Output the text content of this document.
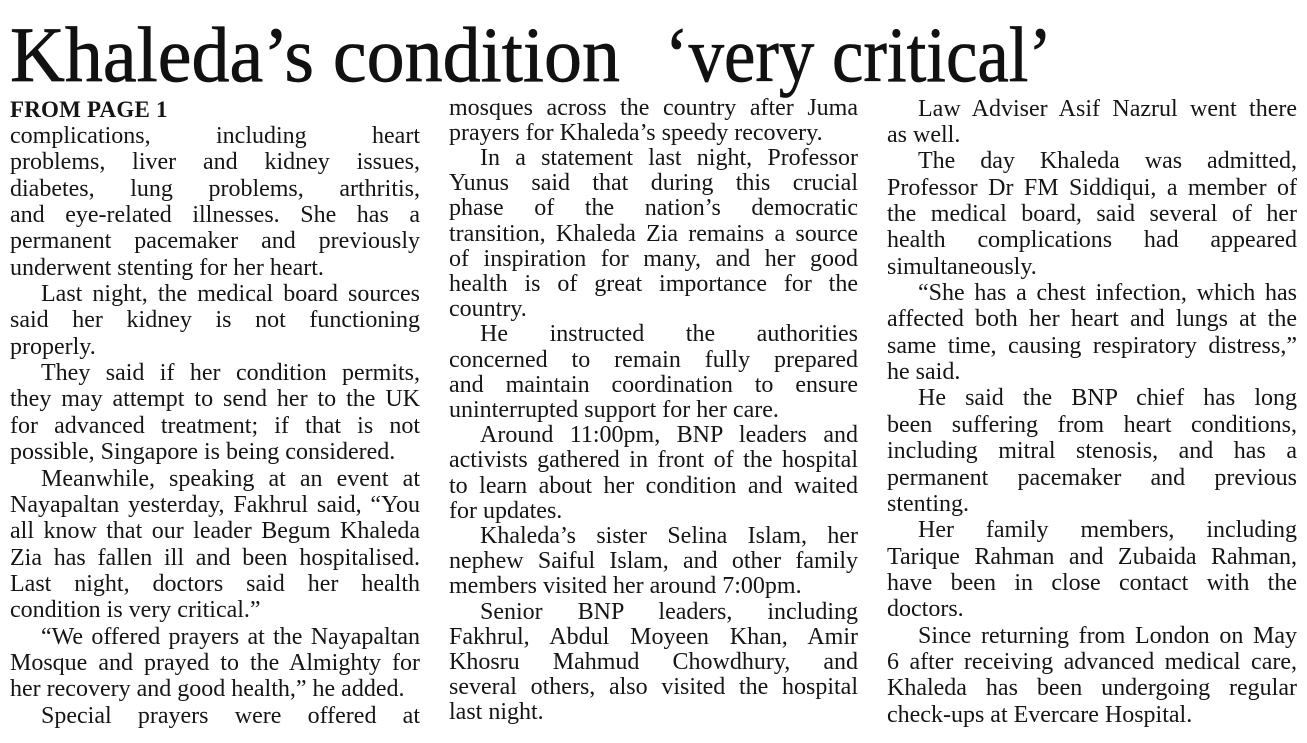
Khaleda’s condition ‘very critical’
FROM PAGE 1
complications, including heart
problems, liver and kidney issues,
diabetes, lung problems, arthritis,
and eye-related illnesses. She has a
permanent pacemaker and previously
underwent stenting for her heart.
Last night, the medical board sources
said her kidney is not functioning
properly.
They said if her condition permits,
they may attempt to send her to the UK
for advanced treatment; if that is not
possible, Singapore is being considered.
Meanwhile, speaking at an event at
Nayapaltan yesterday, Fakhrul said, “You
all know that our leader Begum Khaleda
Zia has fallen ill and been hospitalised.
Last night, doctors said her health
condition is very critical.”
“We offered prayers at the Nayapaltan
Mosque and prayed to the Almighty for
her recovery and good health,” he added.
Special prayers were offered at
mosques across the country after Juma
prayers for Khaleda’s speedy recovery.
In a statement last night, Professor
Yunus said that during this crucial
phase of the nation’s democratic
transition, Khaleda Zia remains a source
of inspiration for many, and her good
health is of great importance for the
country.
He instructed the authorities
concerned to remain fully prepared
and maintain coordination to ensure
uninterrupted support for her care.
Around 11:00pm, BNP leaders and
activists gathered in front of the hospital
to learn about her condition and waited
for updates.
Khaleda’s sister Selina Islam, her
nephew Saiful Islam, and other family
members visited her around 7:00pm.
Senior BNP leaders, including
Fakhrul, Abdul Moyeen Khan, Amir
Khosru Mahmud Chowdhury, and
several others, also visited the hospital
last night.
Law Adviser Asif Nazrul went there
as well.
The day Khaleda was admitted,
Professor Dr FM Siddiqui, a member of
the medical board, said several of her
health complications had appeared
simultaneously.
“She has a chest infection, which has
affected both her heart and lungs at the
same time, causing respiratory distress,”
he said.
He said the BNP chief has long
been suffering from heart conditions,
including mitral stenosis, and has a
permanent pacemaker and previous
stenting.
Her family members, including
Tarique Rahman and Zubaida Rahman,
have been in close contact with the
doctors.
Since returning from London on May
6 after receiving advanced medical care,
Khaleda has been undergoing regular
check-ups at Evercare Hospital.
